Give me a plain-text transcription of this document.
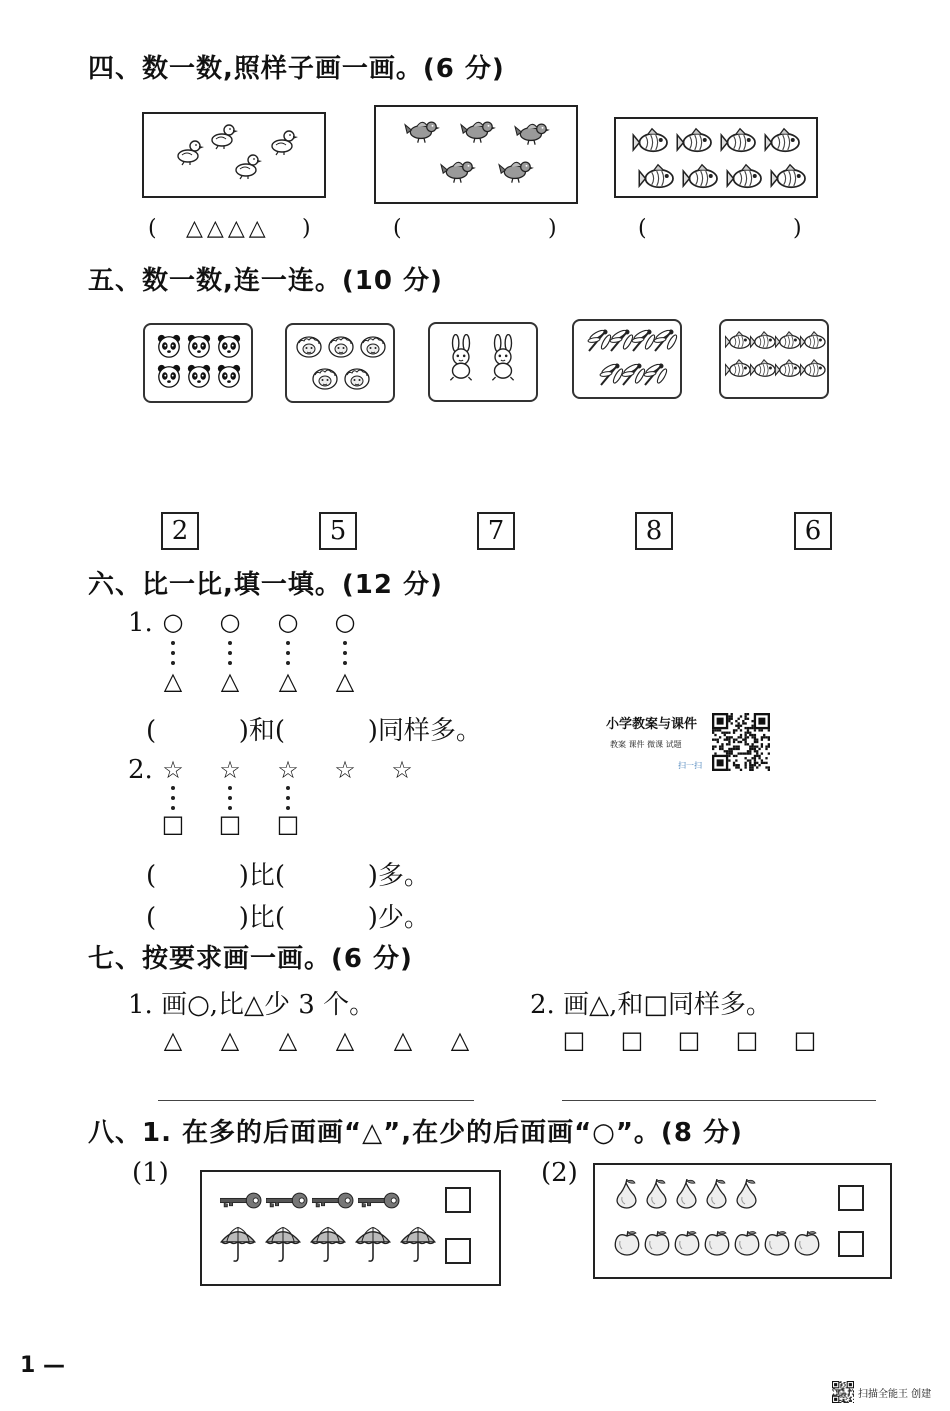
四、数一数,照样子画一画。(6 分)
( △△△△ )	(	)	(	)
五、数一数,连一连。(10 分)
2	5	7	8	6
六、比一比,填一填。(12 分)
1. ○ ○ ○ ○
△ △ △ △
(          )和(          )同样多。	小学教案与课件
教案 课件 微课 试题
扫一扫
2. ☆ ☆ ☆ ☆ ☆
□ □ □
(          )比(          )多。
(          )比(          )少。
七、按要求画一画。(6 分)
1. 画○,比△少 3 个。	2. 画△,和□同样多。
△ △ △ △ △ △	□ □ □ □ □
八、1. 在多的后面画“△”,在少的后面画“○”。(8 分)
(1)	(2)
1 —
扫描全能王 创建
